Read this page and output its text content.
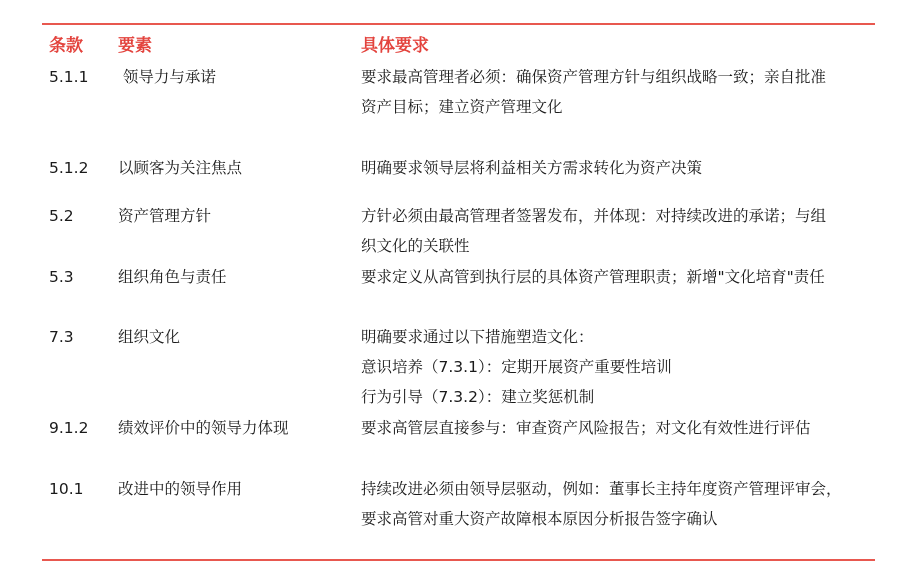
条款 要素	具体要求
5.1.1 领导力与承诺	要求最高管理者必须：确保资产管理方针与组织战略一致；亲自批准
资产目标；建立资产管理文化
5.1.2 以顾客为关注焦点	明确要求领导层将利益相关方需求转化为资产决策
5.2	资产管理方针	方针必须由最高管理者签署发布，并体现：对持续改进的承诺；与组
织文化的关联性
5.3	组织角色与责任	要求定义从高管到执行层的具体资产管理职责；新增"文化培育"责任
7.3	组织文化	明确要求通过以下措施塑造文化：
意识培养（7.3.1）：定期开展资产重要性培训
行为引导（7.3.2）：建立奖惩机制
9.1.2 绩效评价中的领导力体现	要求高管层直接参与：审查资产风险报告；对文化有效性进行评估
10.1 改进中的领导作用	持续改进必须由领导层驱动，例如：董事长主持年度资产管理评审会，
要求高管对重大资产故障根本原因分析报告签字确认
